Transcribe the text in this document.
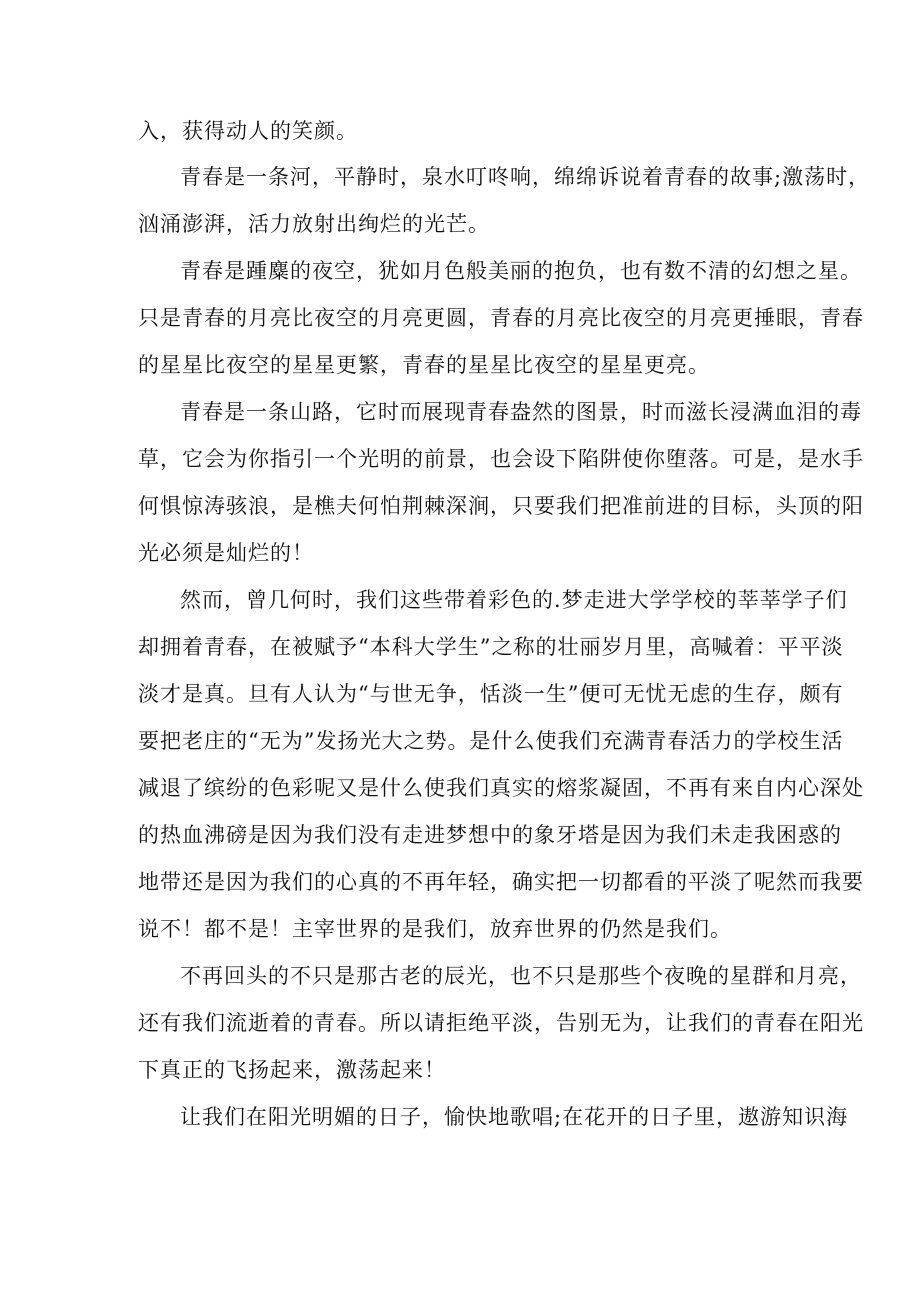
入，获得动人的笑颜。

青春是一条河，平静时，泉水叮咚响，绵绵诉说着青春的故事;激荡时，

汹涌澎湃，活力放射出绚烂的光芒。

青春是踵麋的夜空，犹如月色般美丽的抱负，也有数不清的幻想之星。

只是青春的月亮比夜空的月亮更圆，青春的月亮比夜空的月亮更捶眼，青春

的星星比夜空的星星更繁，青春的星星比夜空的星星更亮。

青春是一条山路，它时而展现青春盎然的图景，时而滋长浸满血泪的毒

草，它会为你指引一个光明的前景，也会设下陷阱使你堕落。可是，是水手

何惧惊涛骇浪，是樵夫何怕荆棘深涧，只要我们把准前进的目标，头顶的阳

光必须是灿烂的！

然而，曾几何时，我们这些带着彩色的.梦走进大学学校的莘莘学子们

却拥着青春，在被赋予“本科大学生”之称的壮丽岁月里，高喊着：平平淡

淡才是真。旦有人认为“与世无争，恬淡一生”便可无忧无虑的生存，颇有

要把老庄的“无为”发扬光大之势。是什么使我们充满青春活力的学校生活

减退了缤纷的色彩呢又是什么使我们真实的熔浆凝固，不再有来自内心深处

的热血沸磅是因为我们没有走进梦想中的象牙塔是因为我们未走我困惑的

地带还是因为我们的心真的不再年轻，确实把一切都看的平淡了呢然而我要

说不！都不是！主宰世界的是我们，放弃世界的仍然是我们。

不再回头的不只是那古老的辰光，也不只是那些个夜晚的星群和月亮，

还有我们流逝着的青春。所以请拒绝平淡，告别无为，让我们的青春在阳光

下真正的飞扬起来，激荡起来！

让我们在阳光明媚的日子，愉快地歌唱;在花开的日子里，遨游知识海
